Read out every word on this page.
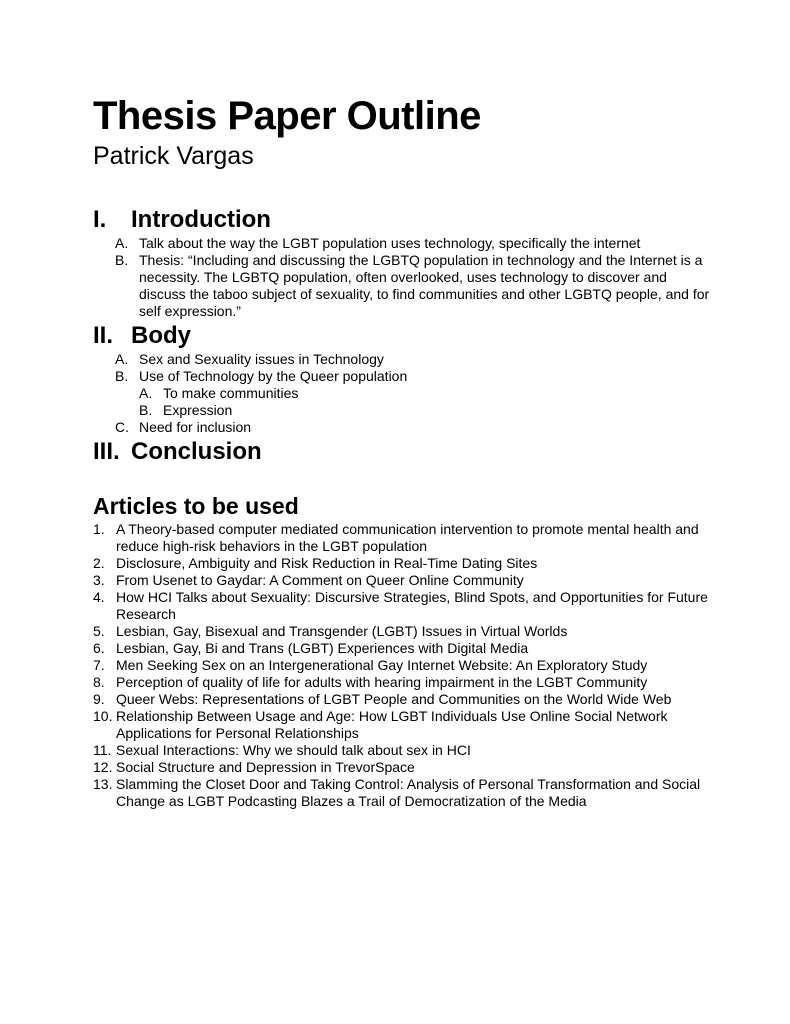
Thesis Paper Outline
Patrick Vargas
I.	Introduction
A. Talk about the way the LGBT population uses technology, specifically the internet
B. Thesis: “Including and discussing the LGBTQ population in technology and the Internet is a necessity. The LGBTQ population, often overlooked, uses technology to discover and discuss the taboo subject of sexuality, to find communities and other LGBTQ people, and for self expression.”
II. Body
A. Sex and Sexuality issues in Technology
B. Use of Technology by the Queer population
A. To make communities
B. Expression
C. Need for inclusion
III. Conclusion
Articles to be used
1. A Theory-based computer mediated communication intervention to promote mental health and reduce high-risk behaviors in the LGBT population
2. Disclosure, Ambiguity and Risk Reduction in Real-Time Dating Sites
3. From Usenet to Gaydar: A Comment on Queer Online Community
4. How HCI Talks about Sexuality: Discursive Strategies, Blind Spots, and Opportunities for Future Research
5. Lesbian, Gay, Bisexual and Transgender (LGBT) Issues in Virtual Worlds
6. Lesbian, Gay, Bi and Trans (LGBT) Experiences with Digital Media
7. Men Seeking Sex on an Intergenerational Gay Internet Website: An Exploratory Study
8. Perception of quality of life for adults with hearing impairment in the LGBT Community
9. Queer Webs: Representations of LGBT People and Communities on the World Wide Web
10. Relationship Between Usage and Age: How LGBT Individuals Use Online Social Network Applications for Personal Relationships
11. Sexual Interactions: Why we should talk about sex in HCI
12. Social Structure and Depression in TrevorSpace
13. Slamming the Closet Door and Taking Control: Analysis of Personal Transformation and Social Change as LGBT Podcasting Blazes a Trail of Democratization of the Media
